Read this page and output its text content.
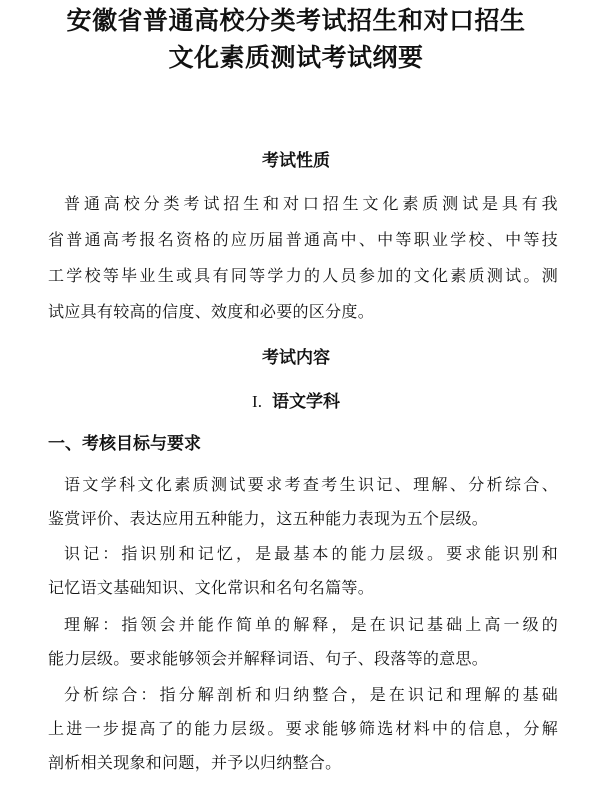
安徽省普通高校分类考试招生和对口招生
文化素质测试考试纲要
考试性质
普通高校分类考试招生和对口招生文化素质测试是具有我
省普通高考报名资格的应历届普通高中、中等职业学校、中等技
工学校等毕业生或具有同等学力的人员参加的文化素质测试。测
试应具有较高的信度、效度和必要的区分度。
考试内容
I. 语文学科
一、考核目标与要求
语文学科文化素质测试要求考查考生识记、理解、分析综合、
鉴赏评价、表达应用五种能力，这五种能力表现为五个层级。
识记：指识别和记忆，是最基本的能力层级。要求能识别和
记忆语文基础知识、文化常识和名句名篇等。
理解：指领会并能作简单的解释，是在识记基础上高一级的
能力层级。要求能够领会并解释词语、句子、段落等的意思。
分析综合：指分解剖析和归纳整合，是在识记和理解的基础
上进一步提高了的能力层级。要求能够筛选材料中的信息，分解
剖析相关现象和问题，并予以归纳整合。
